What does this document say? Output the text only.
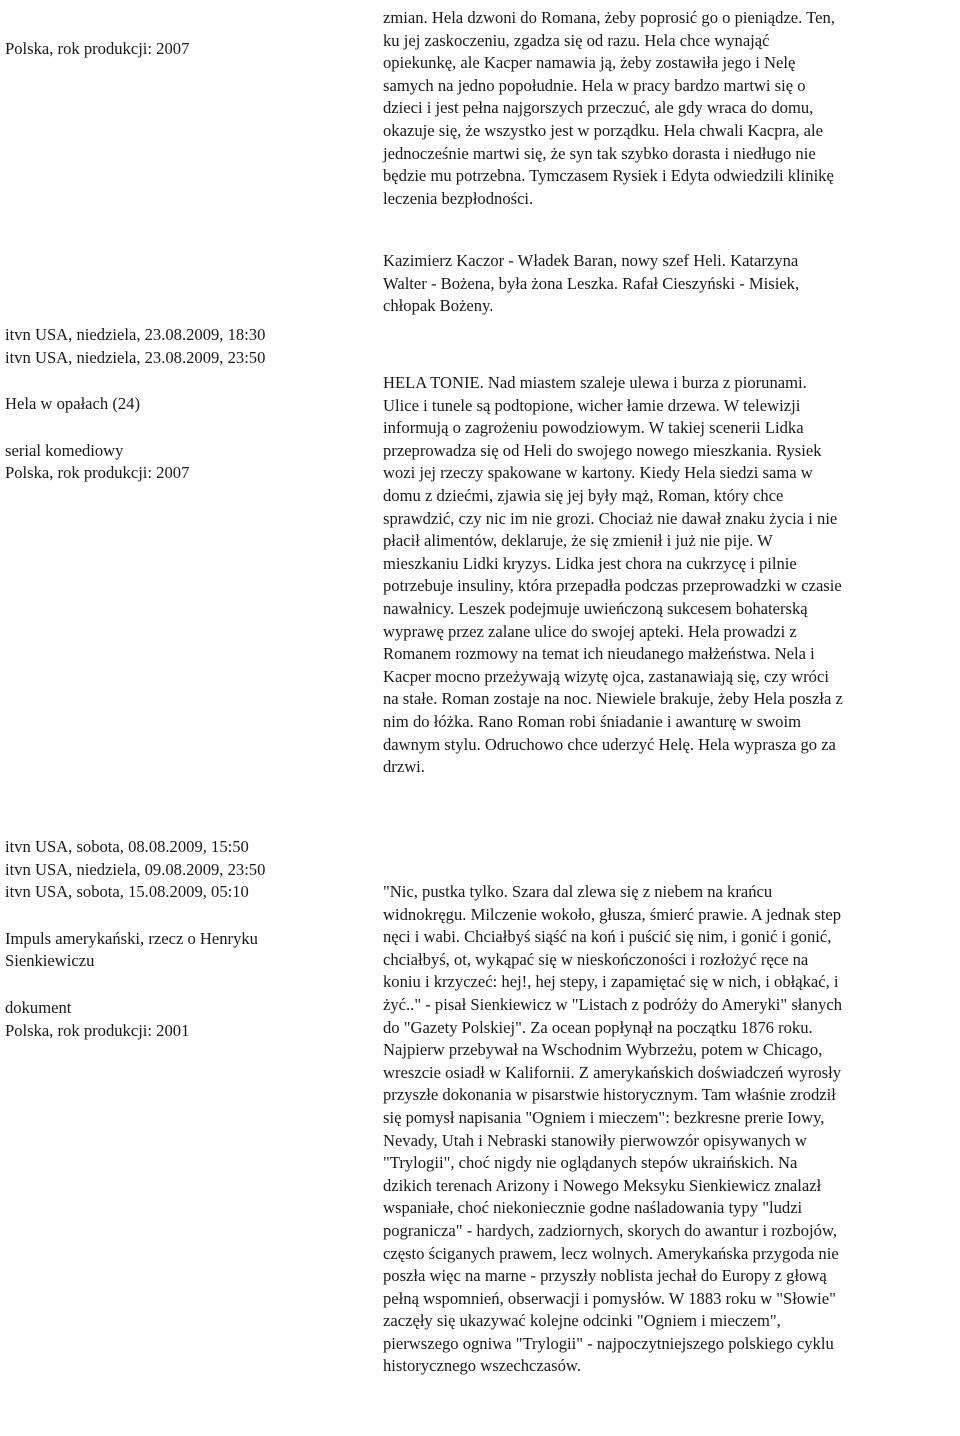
Polska, rok produkcji: 2007

itvn USA, niedziela, 23.08.2009, 18:30

itvn USA, niedziela, 23.08.2009, 23:50

Hela w opałach (24)

serial komediowy

Polska, rok produkcji: 2007

itvn USA, sobota, 08.08.2009, 15:50

itvn USA, niedziela, 09.08.2009, 23:50

itvn USA, sobota, 15.08.2009, 05:10

Impuls amerykański, rzecz o Henryku

Sienkiewiczu

dokument

Polska, rok produkcji: 2001

zmian. Hela dzwoni do Romana, żeby poprosić go o pieniądze. Ten,

ku jej zaskoczeniu, zgadza się od razu. Hela chce wynająć

opiekunkę, ale Kacper namawia ją, żeby zostawiła jego i Nelę

samych na jedno popołudnie. Hela w pracy bardzo martwi się o

dzieci i jest pełna najgorszych przeczuć, ale gdy wraca do domu,

okazuje się, że wszystko jest w porządku. Hela chwali Kacpra, ale

jednocześnie martwi się, że syn tak szybko dorasta i niedługo nie

będzie mu potrzebna. Tymczasem Rysiek i Edyta odwiedzili klinikę

leczenia bezpłodności.

Kazimierz Kaczor - Władek Baran, nowy szef Heli. Katarzyna

Walter - Bożena, była żona Leszka. Rafał Cieszyński - Misiek,

chłopak Bożeny.

HELA TONIE. Nad miastem szaleje ulewa i burza z piorunami.

Ulice i tunele są podtopione, wicher łamie drzewa. W telewizji

informują o zagrożeniu powodziowym. W takiej scenerii Lidka

przeprowadza się od Heli do swojego nowego mieszkania. Rysiek

wozi jej rzeczy spakowane w kartony. Kiedy Hela siedzi sama w

domu z dziećmi, zjawia się jej były mąż, Roman, który chce

sprawdzić, czy nic im nie grozi. Chociaż nie dawał znaku życia i nie

płacił alimentów, deklaruje, że się zmienił i już nie pije. W

mieszkaniu Lidki kryzys. Lidka jest chora na cukrzycę i pilnie

potrzebuje insuliny, która przepadła podczas przeprowadzki w czasie

nawałnicy. Leszek podejmuje uwieńczoną sukcesem bohaterską

wyprawę przez zalane ulice do swojej apteki. Hela prowadzi z

Romanem rozmowy na temat ich nieudanego małżeństwa. Nela i

Kacper mocno przeżywają wizytę ojca, zastanawiają się, czy wróci

na stałe. Roman zostaje na noc. Niewiele brakuje, żeby Hela poszła z

nim do łóżka. Rano Roman robi śniadanie i awanturę w swoim

dawnym stylu. Odruchowo chce uderzyć Helę. Hela wyprasza go za

drzwi.

"Nic, pustka tylko. Szara dal zlewa się z niebem na krańcu

widnokręgu. Milczenie wokoło, głusza, śmierć prawie. A jednak step

nęci i wabi. Chciałbyś siąść na koń i puścić się nim, i gonić i gonić,

chciałbyś, ot, wykąpać się w nieskończoności i rozłożyć ręce na

koniu i krzyczeć: hej!, hej stepy, i zapamiętać się w nich, i obłąkać, i

żyć.." - pisał Sienkiewicz w "Listach z podróży do Ameryki" słanych

do "Gazety Polskiej". Za ocean popłynął na początku 1876 roku.

Najpierw przebywał na Wschodnim Wybrzeżu, potem w Chicago,

wreszcie osiadł w Kalifornii. Z amerykańskich doświadczeń wyrosły

przyszłe dokonania w pisarstwie historycznym. Tam właśnie zrodził

się pomysł napisania "Ogniem i mieczem": bezkresne prerie Iowy,

Nevady, Utah i Nebraski stanowiły pierwowzór opisywanych w

"Trylogii", choć nigdy nie oglądanych stepów ukraińskich. Na

dzikich terenach Arizony i Nowego Meksyku Sienkiewicz znalazł

wspaniałe, choć niekoniecznie godne naśladowania typy "ludzi

pogranicza" - hardych, zadziornych, skorych do awantur i rozbojów,

często ściganych prawem, lecz wolnych. Amerykańska przygoda nie

poszła więc na marne - przyszły noblista jechał do Europy z głową

pełną wspomnień, obserwacji i pomysłów. W 1883 roku w "Słowie"

zaczęły się ukazywać kolejne odcinki "Ogniem i mieczem",

pierwszego ogniwa "Trylogii" - najpoczytniejszego polskiego cyklu

historycznego wszechczasów.
